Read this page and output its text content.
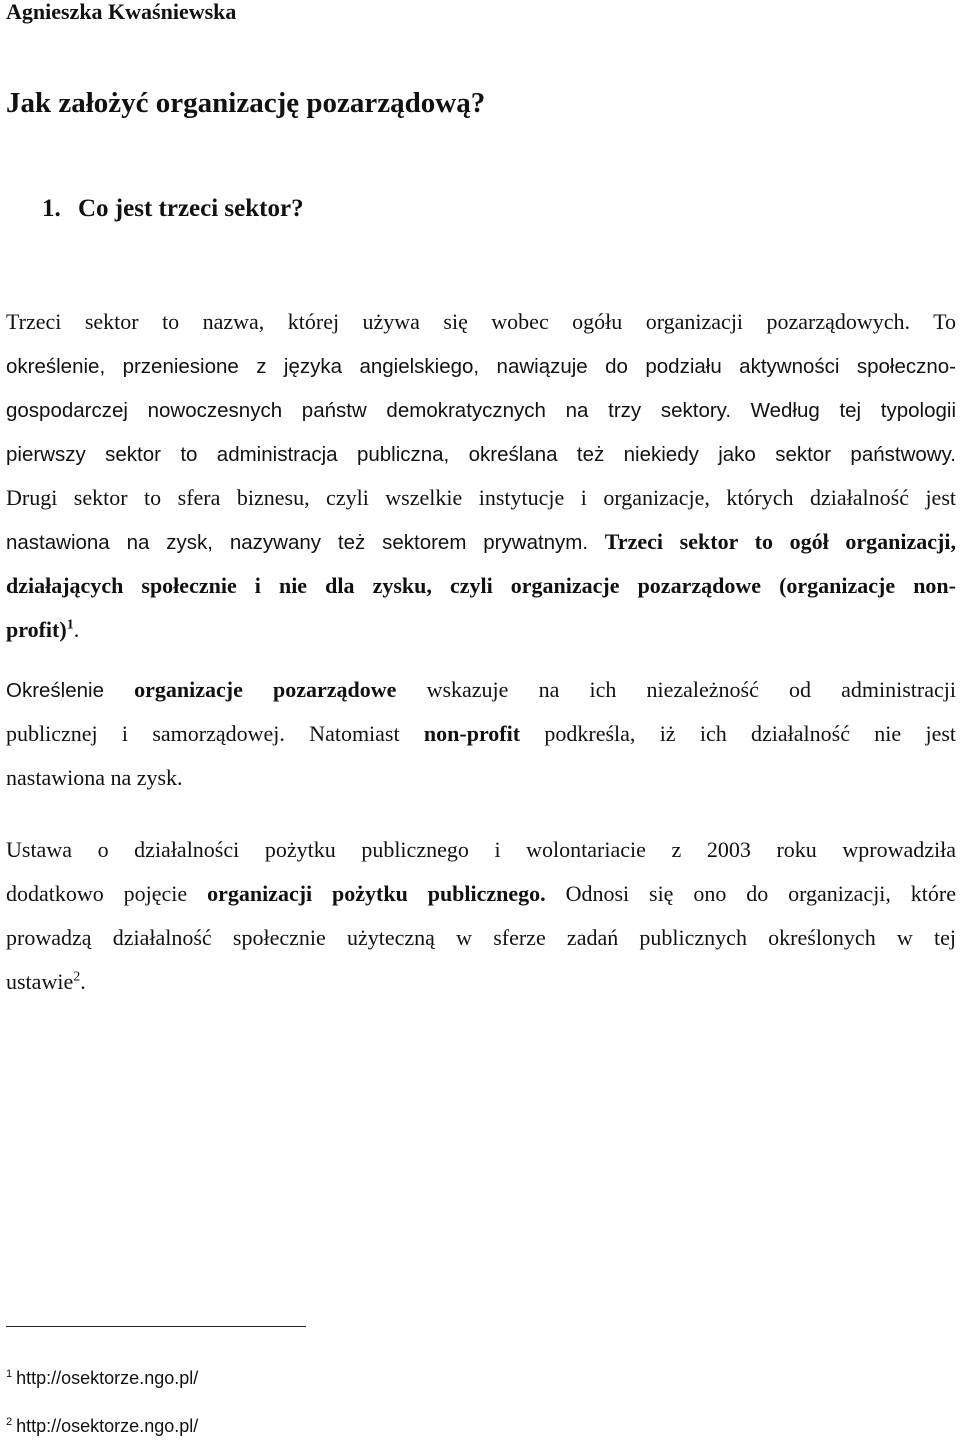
Agnieszka Kwaśniewska
Jak założyć organizację pozarządową?
1. Co jest trzeci sektor?
Trzeci sektor to nazwa, której używa się wobec ogółu organizacji pozarządowych. To
określenie, przeniesione z języka angielskiego, nawiązuje do podziału aktywności społeczno-
gospodarczej nowoczesnych państw demokratycznych na trzy sektory. Według tej typologii
pierwszy sektor to administracja publiczna, określana też niekiedy jako sektor państwowy.
Drugi sektor to sfera biznesu, czyli wszelkie instytucje i organizacje, których działalność jest
nastawiona na zysk, nazywany też sektorem prywatnym. Trzeci sektor to ogół organizacji,
działających społecznie i nie dla zysku, czyli organizacje pozarządowe (organizacje non-
profit)$^1$.
Określenie organizacje pozarządowe wskazuje na ich niezależność od administracji
publicznej i samorządowej. Natomiast non-profit podkreśla, iż ich działalność nie jest
nastawiona na zysk.
Ustawa o działalności pożytku publicznego i wolontariacie z 2003 roku wprowadziła
dodatkowo pojęcie organizacji pożytku publicznego. Odnosi się ono do organizacji, które
prowadzą działalność społecznie użyteczną w sferze zadań publicznych określonych w tej
ustawie$^2$.
$^1$ http://osektorze.ngo.pl/
$^2$ http://osektorze.ngo.pl/
